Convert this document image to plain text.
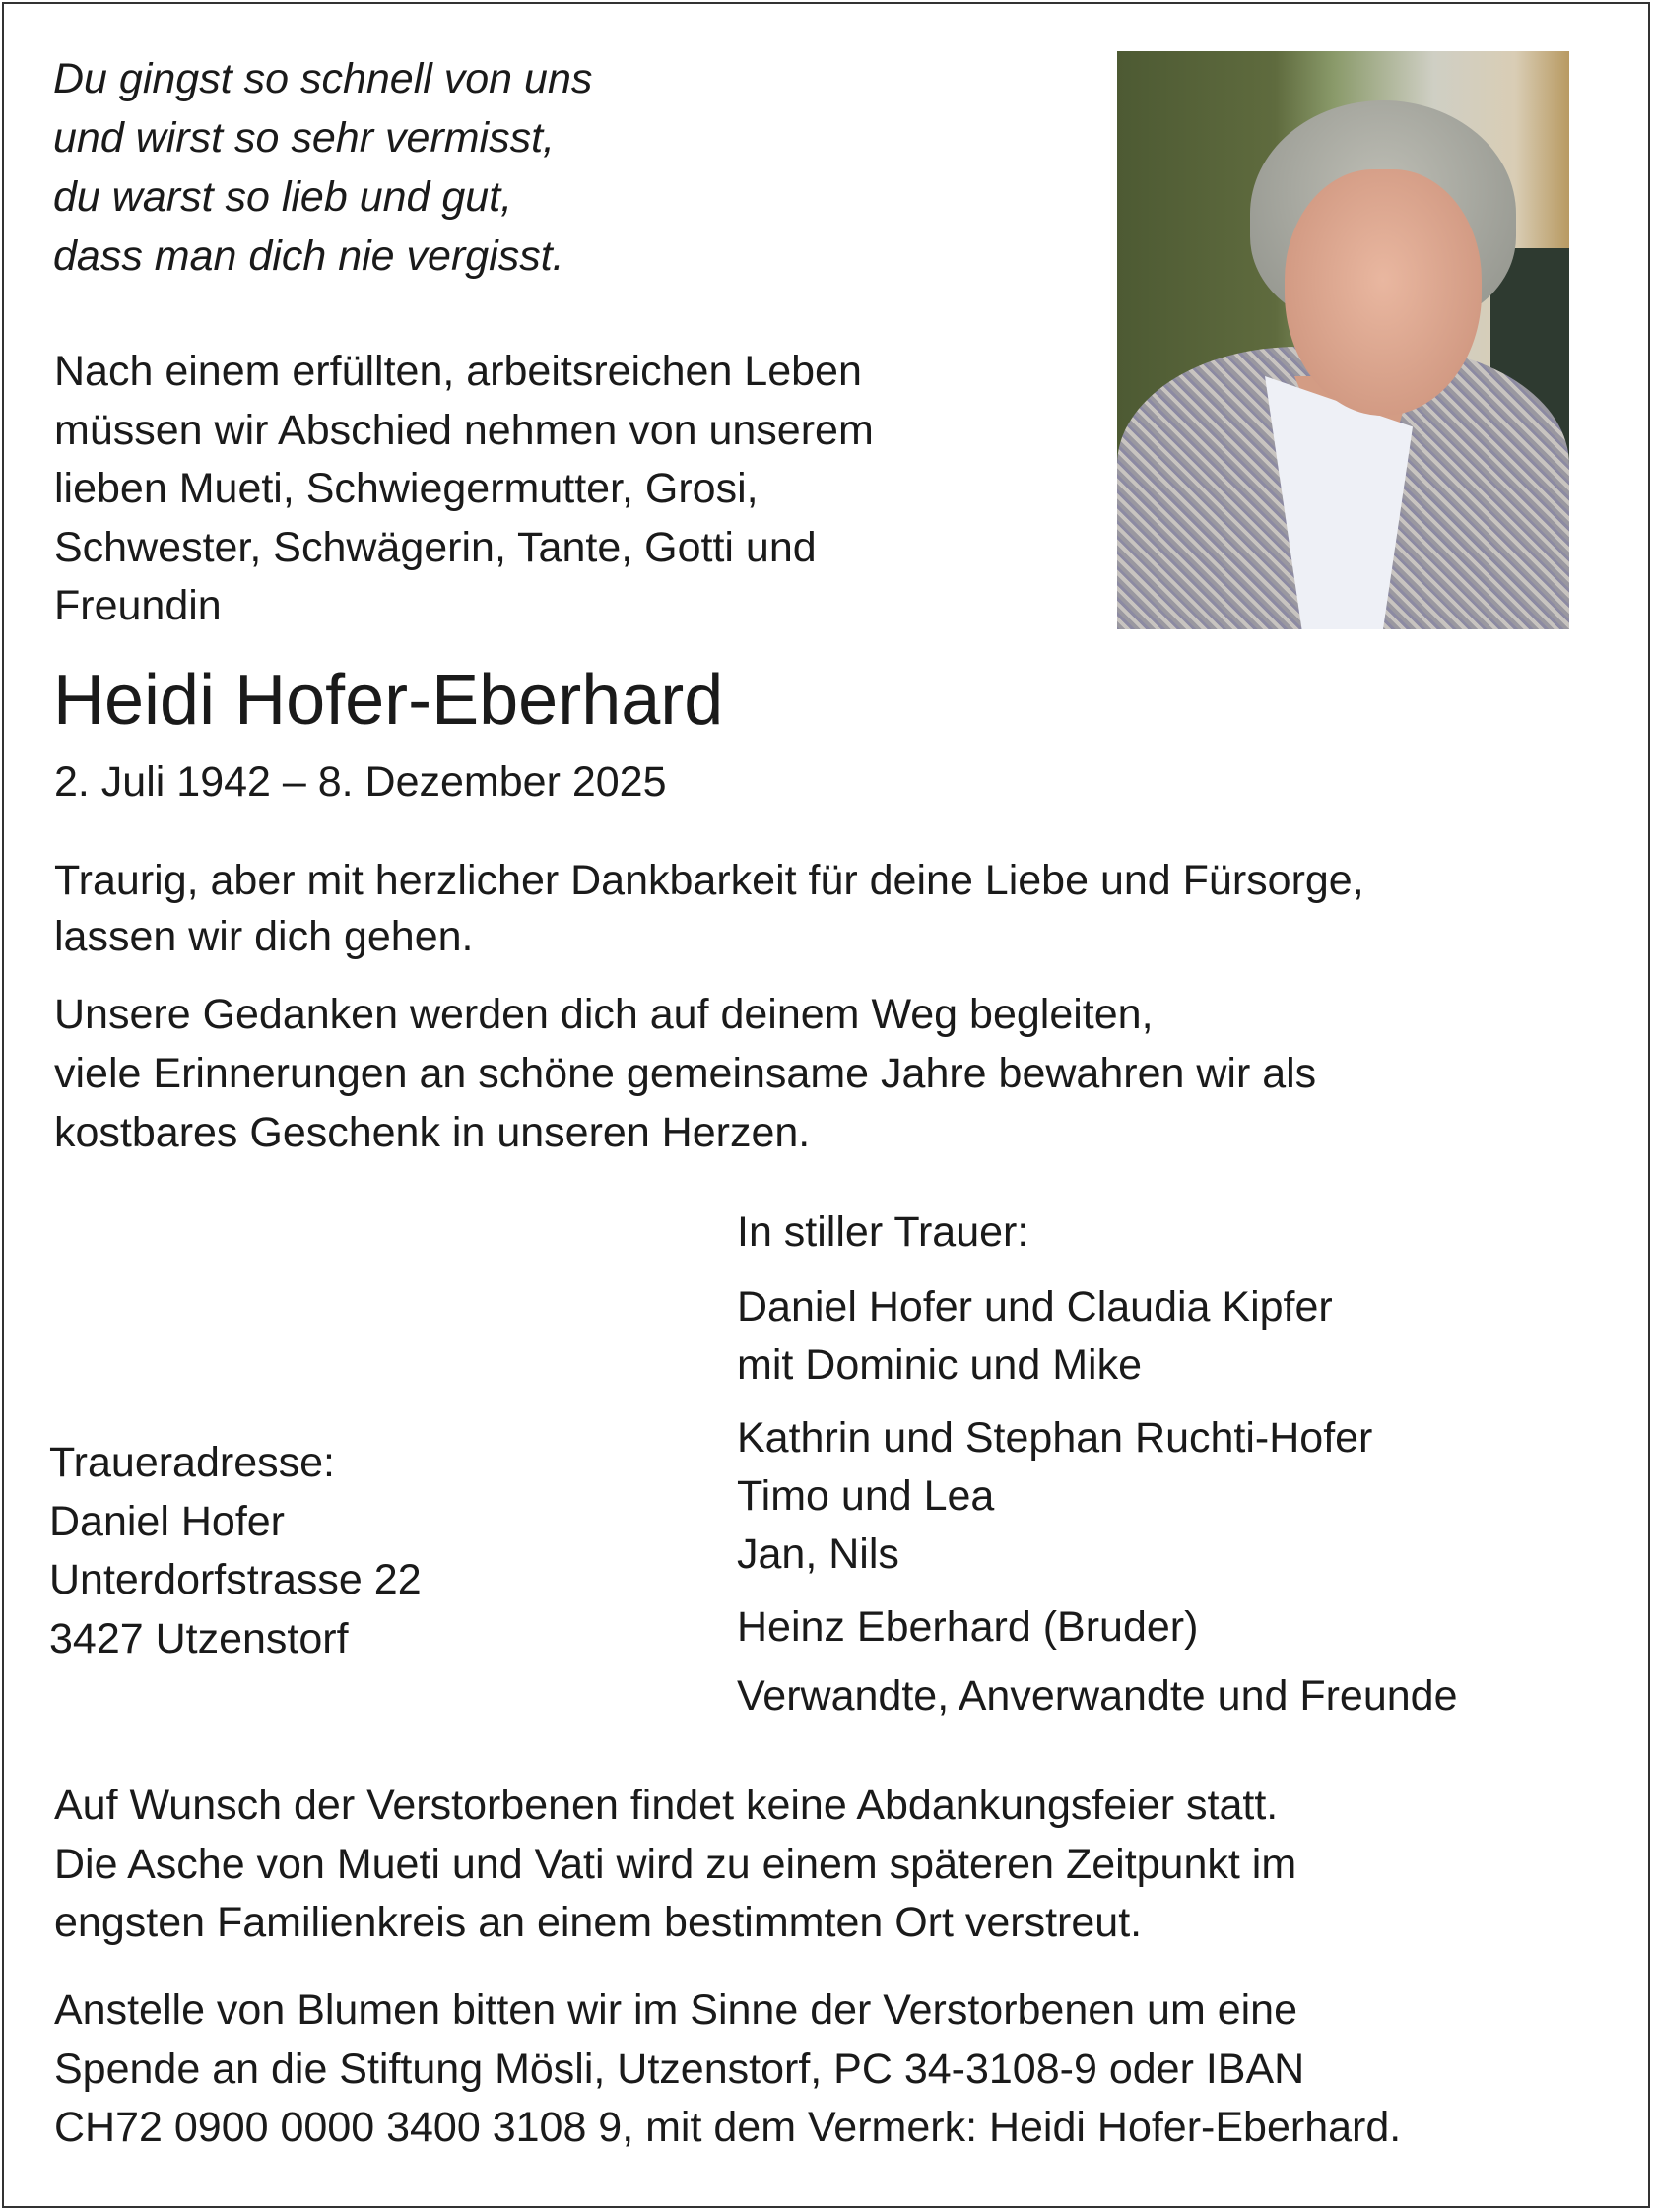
Du gingst so schnell von uns
und wirst so sehr vermisst,
du warst so lieb und gut,
dass man dich nie vergisst.
Nach einem erfüllten, arbeitsreichen Leben
müssen wir Abschied nehmen von unserem
lieben Mueti, Schwiegermutter, Grosi,
Schwester, Schwägerin, Tante, Gotti und
Freundin
Heidi Hofer-Eberhard
2. Juli 1942 – 8. Dezember 2025
Traurig, aber mit herzlicher Dankbarkeit für deine Liebe und Fürsorge,
lassen wir dich gehen.
Unsere Gedanken werden dich auf deinem Weg begleiten,
viele Erinnerungen an schöne gemeinsame Jahre bewahren wir als
kostbares Geschenk in unseren Herzen.
In stiller Trauer:
Daniel Hofer und Claudia Kipfer
mit Dominic und Mike
Kathrin und Stephan Ruchti-Hofer
Timo und Lea
Jan, Nils
Heinz Eberhard (Bruder)
Verwandte, Anverwandte und Freunde
Traueradresse:
Daniel Hofer
Unterdorfstrasse 22
3427 Utzenstorf
Auf Wunsch der Verstorbenen findet keine Abdankungsfeier statt.
Die Asche von Mueti und Vati wird zu einem späteren Zeitpunkt im
engsten Familienkreis an einem bestimmten Ort verstreut.
Anstelle von Blumen bitten wir im Sinne der Verstorbenen um eine
Spende an die Stiftung Mösli, Utzenstorf, PC 34-3108-9 oder IBAN
CH72 0900 0000 3400 3108 9, mit dem Vermerk: Heidi Hofer-Eberhard.
